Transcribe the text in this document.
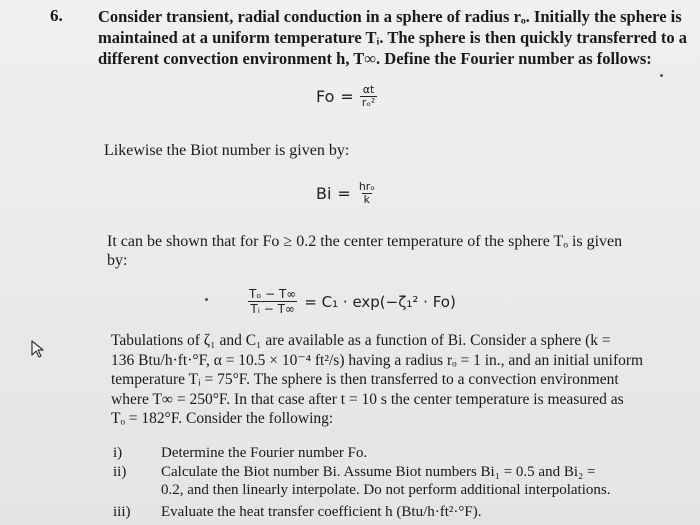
6. Consider transient, radial conduction in a sphere of radius rₒ. Initially the sphere is
maintained at a uniform temperature Tᵢ. The sphere is then quickly transferred to a
different convection environment h, T∞. Define the Fourier number as follows:
$Fo = \frac{\alpha t}{\text{rₒ²}}$
Likewise the Biot number is given by:
$Bi = \frac{\text{hrₒ}}{k}$
It can be shown that for Fo ≥ 0.2 the center temperature of the sphere Tₒ is given
by:
$\frac{\text{Tₒ − T∞}}{\text{Tᵢ − T∞}} = C_1 \cdot \exp(-\zeta_1^2 \cdot Fo)$
Tabulations of ζ₁ and C₁ are available as a function of Bi. Consider a sphere (k =
136 Btu/h·ft·°F, α = 10.5 × 10⁻⁴ ft²/s) having a radius rₒ = 1 in., and an initial uniform
temperature Tᵢ = 75°F. The sphere is then transferred to a convection environment
where T∞ = 250°F. In that case after t = 10 s the center temperature is measured as
Tₒ = 182°F. Consider the following:
i)	Determine the Fourier number Fo.
ii)	Calculate the Biot number Bi. Assume Biot numbers Bi₁ = 0.5 and Bi₂ =
0.2, and then linearly interpolate. Do not perform additional interpolations.
iii)	Evaluate the heat transfer coefficient h (Btu/h·ft²·°F).
